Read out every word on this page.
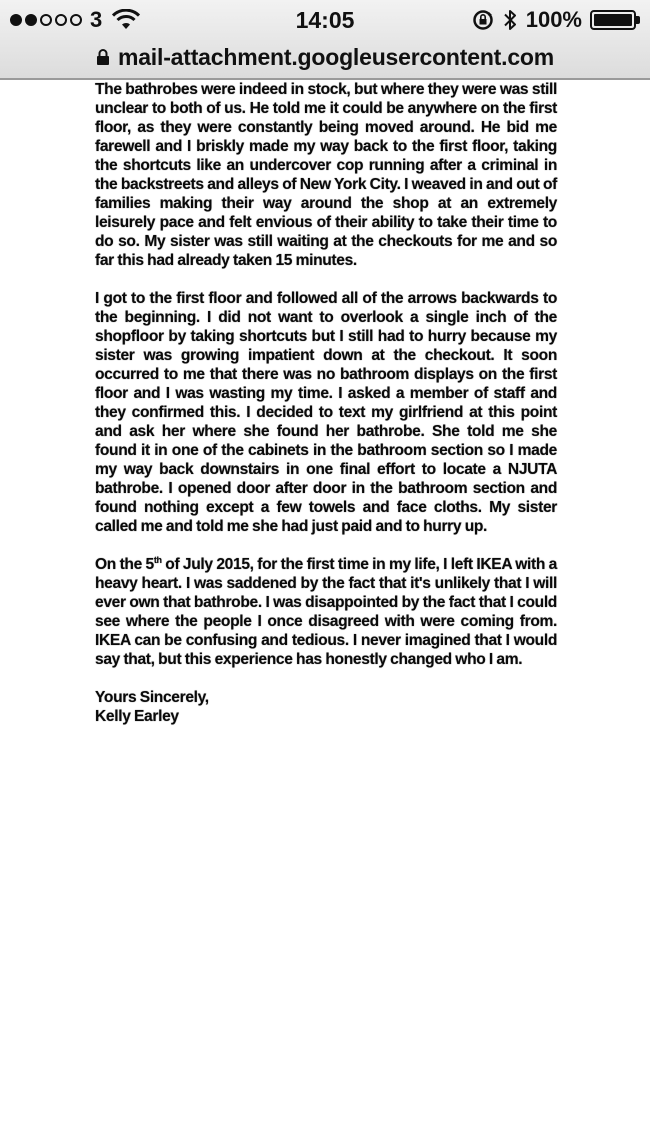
3	14:05	100%
mail-attachment.googleusercontent.com

The bathrobes were indeed in stock, but where they were was still unclear to both of us. He told me it could be anywhere on the first floor, as they were constantly being moved around. He bid me farewell and I briskly made my way back to the first floor, taking the shortcuts like an undercover cop running after a criminal in the backstreets and alleys of New York City. I weaved in and out of families making their way around the shop at an extremely leisurely pace and felt envious of their ability to take their time to do so. My sister was still waiting at the checkouts for me and so far this had already taken 15 minutes.

I got to the first floor and followed all of the arrows backwards to the beginning. I did not want to overlook a single inch of the shopfloor by taking shortcuts but I still had to hurry because my sister was growing impatient down at the checkout. It soon occurred to me that there was no bathroom displays on the first floor and I was wasting my time. I asked a member of staff and they confirmed this. I decided to text my girlfriend at this point and ask her where she found her bathrobe. She told me she found it in one of the cabinets in the bathroom section so I made my way back downstairs in one final effort to locate a NJUTA bathrobe. I opened door after door in the bathroom section and found nothing except a few towels and face cloths. My sister called me and told me she had just paid and to hurry up.

On the 5th of July 2015, for the first time in my life, I left IKEA with a heavy heart. I was saddened by the fact that it's unlikely that I will ever own that bathrobe. I was disappointed by the fact that I could see where the people I once disagreed with were coming from. IKEA can be confusing and tedious. I never imagined that I would say that, but this experience has honestly changed who I am.

Yours Sincerely,
Kelly Earley
